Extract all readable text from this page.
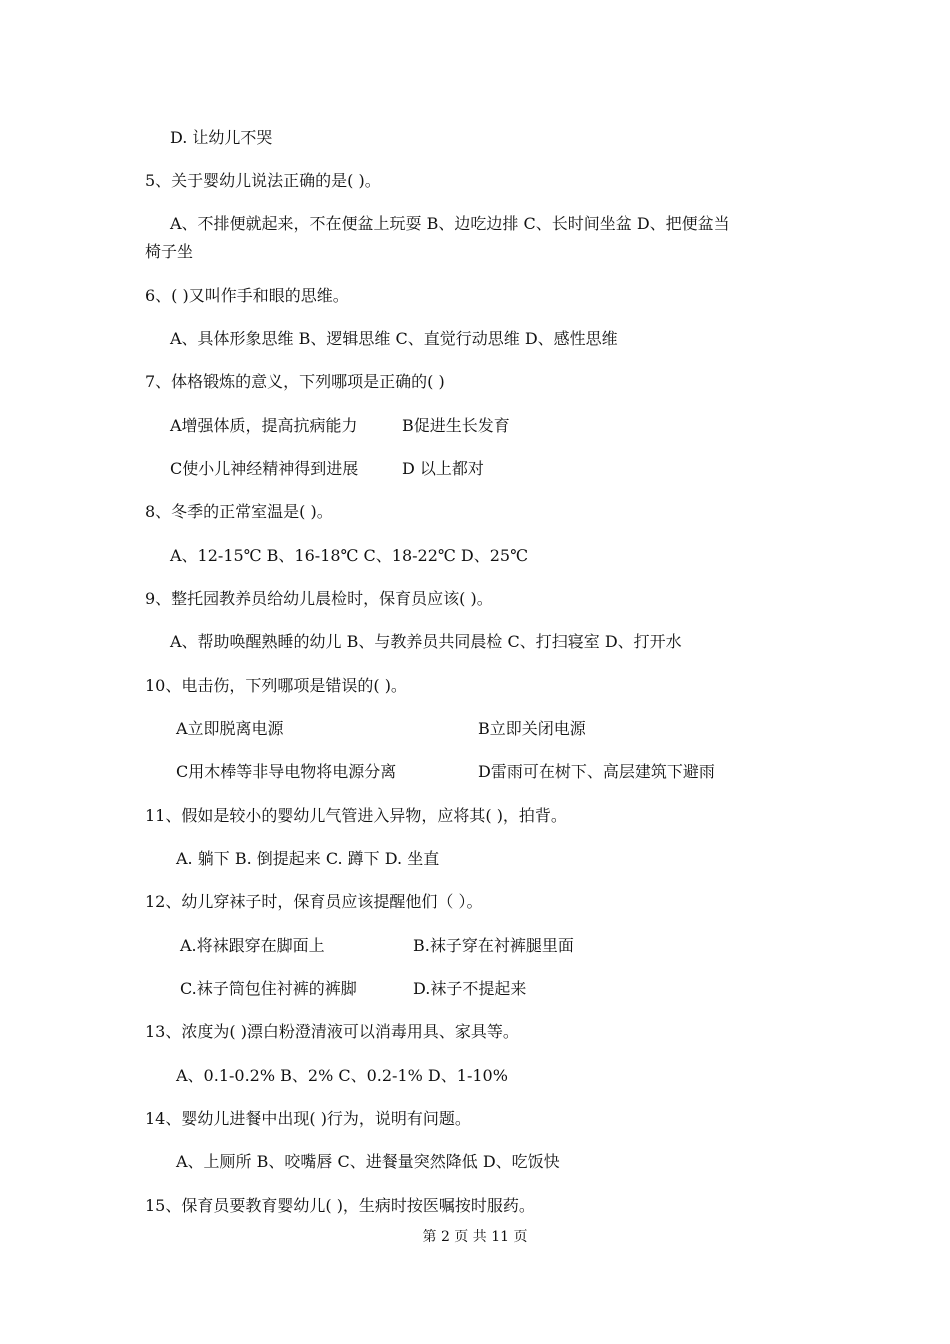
D. 让幼儿不哭
5、关于婴幼儿说法正确的是( )。
A、不排便就起来，不在便盆上玩耍 B、边吃边排 C、长时间坐盆 D、把便盆当
椅子坐
6、( )又叫作手和眼的思维。
A、具体形象思维 B、逻辑思维 C、直觉行动思维 D、感性思维
7、体格锻炼的意义，下列哪项是正确的( )
A增强体质，提高抗病能力	B促进生长发育
C使小儿神经精神得到进展	D 以上都对
8、冬季的正常室温是( )。
A、12-15℃ B、16-18℃ C、18-22℃ D、25℃
9、整托园教养员给幼儿晨检时，保育员应该( )。
A、帮助唤醒熟睡的幼儿 B、与教养员共同晨检 C、打扫寝室 D、打开水
10、电击伤，下列哪项是错误的( )。
A立即脱离电源	B立即关闭电源
C用木棒等非导电物将电源分离	D雷雨可在树下、高层建筑下避雨
11、假如是较小的婴幼儿气管进入异物，应将其( )，拍背。
A. 躺下 B. 倒提起来 C. 蹲下 D. 坐直
12、幼儿穿袜子时，保育员应该提醒他们（ ）。
A.将袜跟穿在脚面上	B.袜子穿在衬裤腿里面
C.袜子筒包住衬裤的裤脚	D.袜子不提起来
13、浓度为( )漂白粉澄清液可以消毒用具、家具等。
A、0.1-0.2% B、2% C、0.2-1% D、1-10%
14、婴幼儿进餐中出现( )行为，说明有问题。
A、上厕所 B、咬嘴唇 C、进餐量突然降低 D、吃饭快
15、保育员要教育婴幼儿( )，生病时按医嘱按时服药。
第 2 页 共 11 页
